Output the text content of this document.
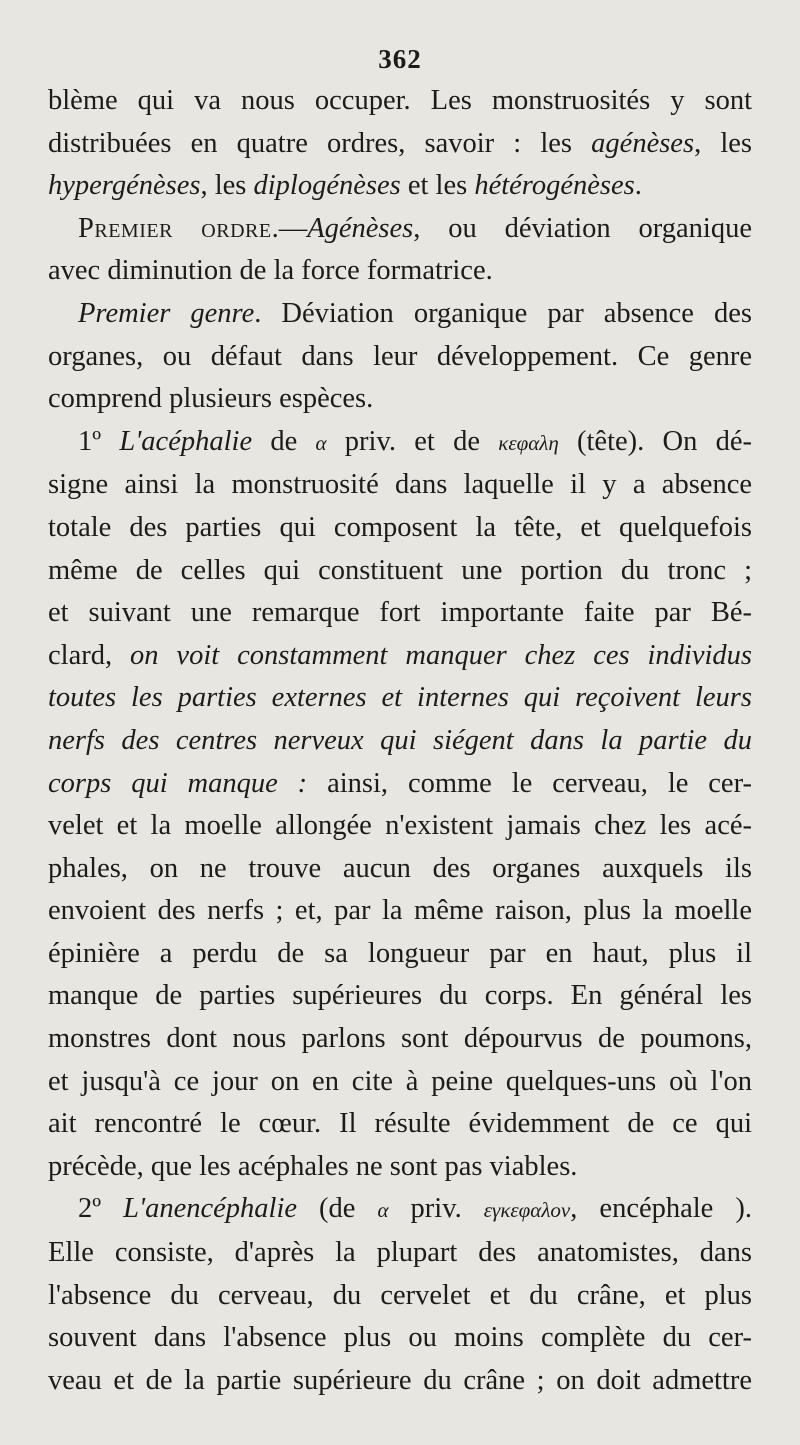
362

blème qui va nous occuper. Les monstruosités y sont
distribuées en quatre ordres, savoir : les agénèses, les
hypergénèses, les diplogénèses et les hétérogénèses.

Premier ordre.—Agénèses, ou déviation organique
avec diminution de la force formatrice.

Premier genre. Déviation organique par absence des
organes, ou défaut dans leur développement. Ce genre
comprend plusieurs espèces.

1º L'acéphalie de α priv. et de κεφαλη (tête). On dé-
signe ainsi la monstruosité dans laquelle il y a absence
totale des parties qui composent la tête, et quelquefois
même de celles qui constituent une portion du tronc ;
et suivant une remarque fort importante faite par Bé-
clard, on voit constamment manquer chez ces individus
toutes les parties externes et internes qui reçoivent leurs
nerfs des centres nerveux qui siégent dans la partie du
corps qui manque : ainsi, comme le cerveau, le cer-
velet et la moelle allongée n'existent jamais chez les acé-
phales, on ne trouve aucun des organes auxquels ils
envoient des nerfs ; et, par la même raison, plus la moelle
épinière a perdu de sa longueur par en haut, plus il
manque de parties supérieures du corps. En général les
monstres dont nous parlons sont dépourvus de poumons,
et jusqu'à ce jour on en cite à peine quelques-uns où l'on
ait rencontré le cœur. Il résulte évidemment de ce qui
précède, que les acéphales ne sont pas viables.

2º L'anencéphalie (de α priv. εγκεφαλον, encéphale ).
Elle consiste, d'après la plupart des anatomistes, dans
l'absence du cerveau, du cervelet et du crâne, et plus
souvent dans l'absence plus ou moins complète du cer-
veau et de la partie supérieure du crâne ; on doit admettre
